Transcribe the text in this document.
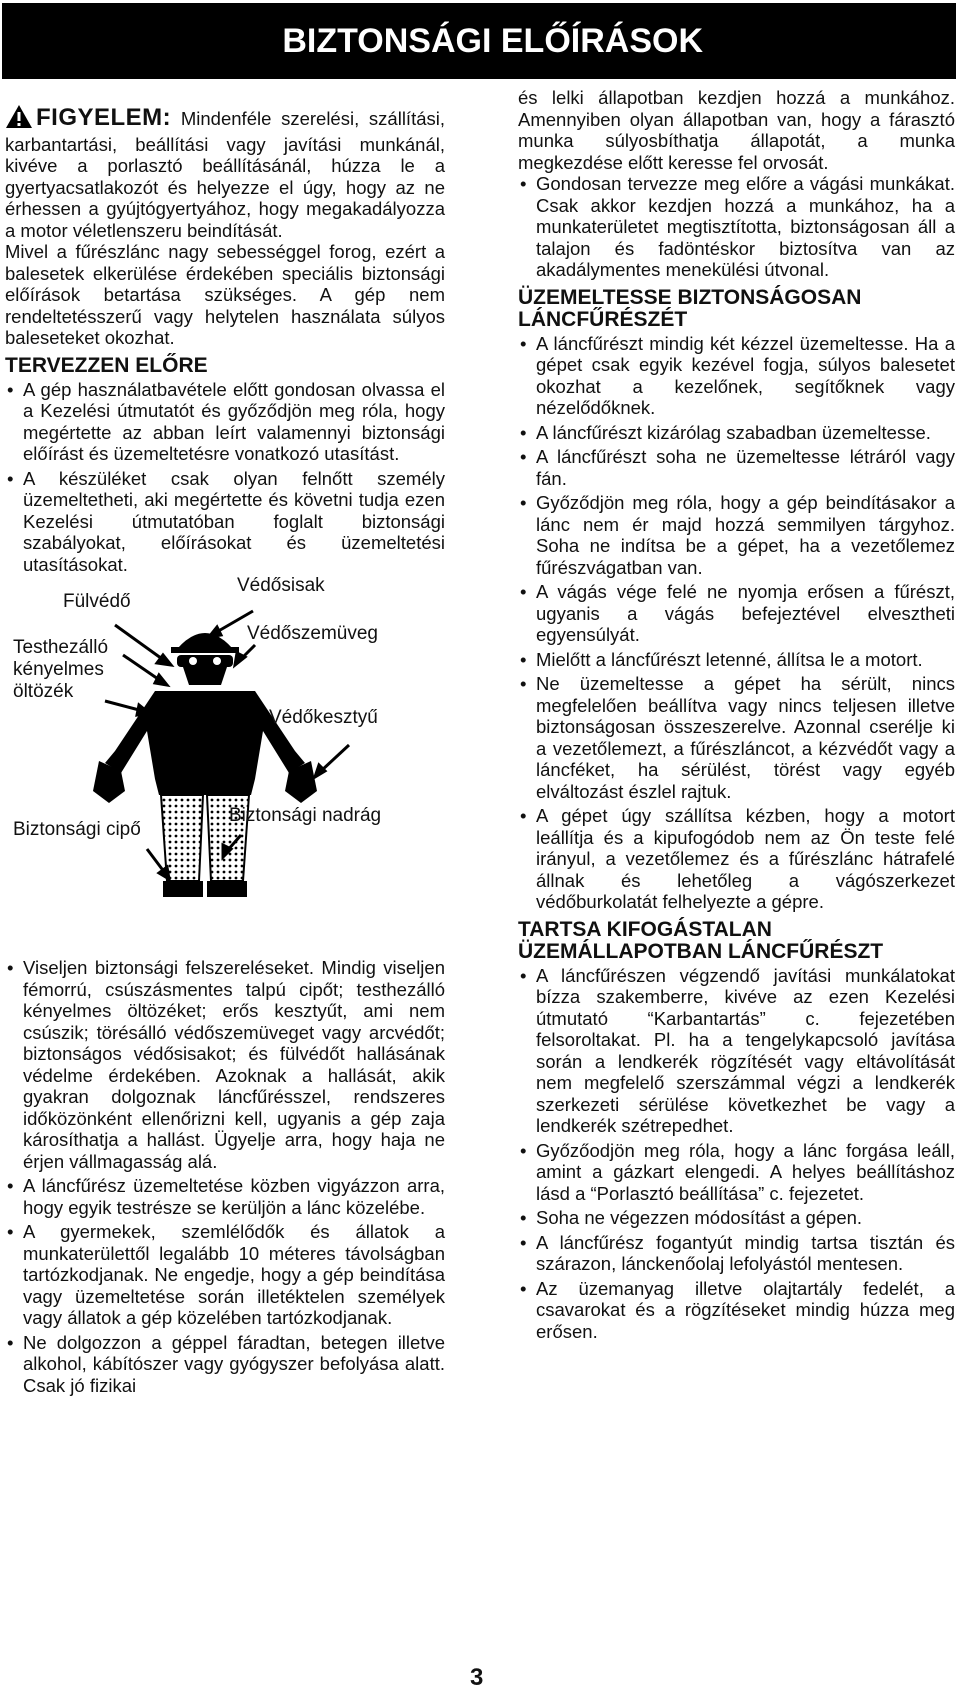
BIZTONSÁGI ELŐÍRÁSOK

FIGYELEM: Mindenféle szerelési, szállítási, karbantartási, beállítási vagy javítási munkánál, kivéve a porlasztó beállításánál, húzza le a gyertyacsatlakozót és helyezze el úgy, hogy az ne érhessen a gyújtógyertyához, hogy megakadályozza a motor véletlenszeru beindítását.

Mivel a fűrészlánc nagy sebességgel forog, ezért a balesetek elkerülése érdekében speciális biztonsági előírások betartása szükséges. A gép nem rendeltetésszerű vagy helytelen használata súlyos baleseteket okozhat.

TERVEZZEN ELŐRE
• A gép használatbavétele előtt gondosan olvassa el a Kezelési útmutatót és győződjön meg róla, hogy megértette az abban leírt valamennyi biztonsági előírást és üzemeltetésre vonatkozó utasítást.
• A készüléket csak olyan felnőtt személy üzemeltetheti, aki megértette és követni tudja ezen Kezelési útmutatóban foglalt biztonsági szabályokat, előírásokat és üzemeltetési utasításokat.
Fülvédő
Védősisak
Védőszemüveg
Testhezálló
kényelmes
öltözék
Védőkesztyű
Biztonsági nadrág
Biztonsági cipő
• Viseljen biztonsági felszereléseket. Mindig viseljen fémorrú, csúszásmentes talpú cipőt; testhezálló kényelmes öltözéket; erős kesztyűt, ami nem csúszik; törésálló védőszemüveget vagy arcvédőt; biztonságos védősisakot; és fülvédőt hallásának védelme érdekében. Azoknak a hallását, akik gyakran dolgoznak láncfűrésszel, rendszeres időközönként ellenőrizni kell, ugyanis a gép zaja károsíthatja a hallást. Ügyelje arra, hogy haja ne érjen vállmagasság alá.
• A láncfűrész üzemeltetése közben vigyázzon arra, hogy egyik testrésze se kerüljön a lánc közelébe.
• A gyermekek, szemlélődők és állatok a munkaterülettől legalább 10 méteres távolságban tartózkodjanak. Ne engedje, hogy a gép beindítása vagy üzemeltetése során illetéktelen személyek vagy állatok a gép közelében tartózkodjanak.
• Ne dolgozzon a géppel fáradtan, betegen illetve alkohol, kábítószer vagy gyógyszer befolyása alatt. Csak jó fizikai

és lelki állapotban kezdjen hozzá a munkához. Amennyiben olyan állapotban van, hogy a fárasztó munka súlyosbíthatja állapotát, a munka megkezdése előtt keresse fel orvosát.

• Gondosan tervezze meg előre a vágási munkákat. Csak akkor kezdjen hozzá a munkához, ha a munkaterületet megtisztította, biztonságosan áll a talajon és fadöntéskor biztosítva van az akadálymentes menekülési útvonal.
ÜZEMELTESSE BIZTONSÁGOSAN LÁNCFŰRÉSZÉT
• A láncfűrészt mindig két kézzel üzemeltesse. Ha a gépet csak egyik kezével fogja, súlyos balesetet okozhat a kezelőnek, segítőknek vagy nézelődőknek.
• A láncfűrészt kizárólag szabadban üzemeltesse.
• A láncfűrészt soha ne üzemeltesse létráról vagy fán.
• Győződjön meg róla, hogy a gép beindításakor a lánc nem ér majd hozzá semmilyen tárgyhoz. Soha ne indítsa be a gépet, ha a vezetőlemez fűrészvágatban van.
• A vágás vége felé ne nyomja erősen a fűrészt, ugyanis a vágás befejeztével elvesztheti egyensúlyát.
• Mielőtt a láncfűrészt letenné, állítsa le a motort.
• Ne üzemeltesse a gépet ha sérült, nincs megfelelően beállítva vagy nincs teljesen illetve biztonságosan összeszerelve. Azonnal cserélje ki a vezetőlemezt, a fűrészláncot, a kézvédőt vagy a láncféket, ha sérülést, törést vagy egyéb elváltozást észlel rajtuk.
• A gépet úgy szállítsa kézben, hogy a motort leállítja és a kipufogódob nem az Ön teste felé irányul, a vezetőlemez és a fűrészlánc hátrafelé állnak és lehetőleg a vágószerkezet védőburkolatát felhelyezte a gépre.
TARTSA KIFOGÁSTALAN ÜZEMÁLLAPOTBAN LÁNCFŰRÉSZT
• A láncfűrészen végzendő javítási munkálatokat bízza szakemberre, kivéve az ezen Kezelési útmutató “Karbantartás” c. fejezetében felsoroltakat. Pl. ha a tengelykapcsoló javítása során a lendkerék rögzítését vagy eltávolítását nem megfelelő szerszámmal végzi a lendkerék szerkezeti sérülése következhet be vagy a lendkerék szétrepedhet.
• Győzőodjön meg róla, hogy a lánc forgása leáll, amint a gázkart elengedi. A helyes beállításhoz lásd a “Porlasztó beállítása” c. fejezetet.
• Soha ne végezzen módosítást a gépen.
• A láncfűrész fogantyút mindig tartsa tisztán és szárazon, lánckenőolaj lefolyástól mentesen.
• Az üzemanyag illetve olajtartály fedelét, a csavarokat és a rögzítéseket mindig húzza meg erősen.
3
